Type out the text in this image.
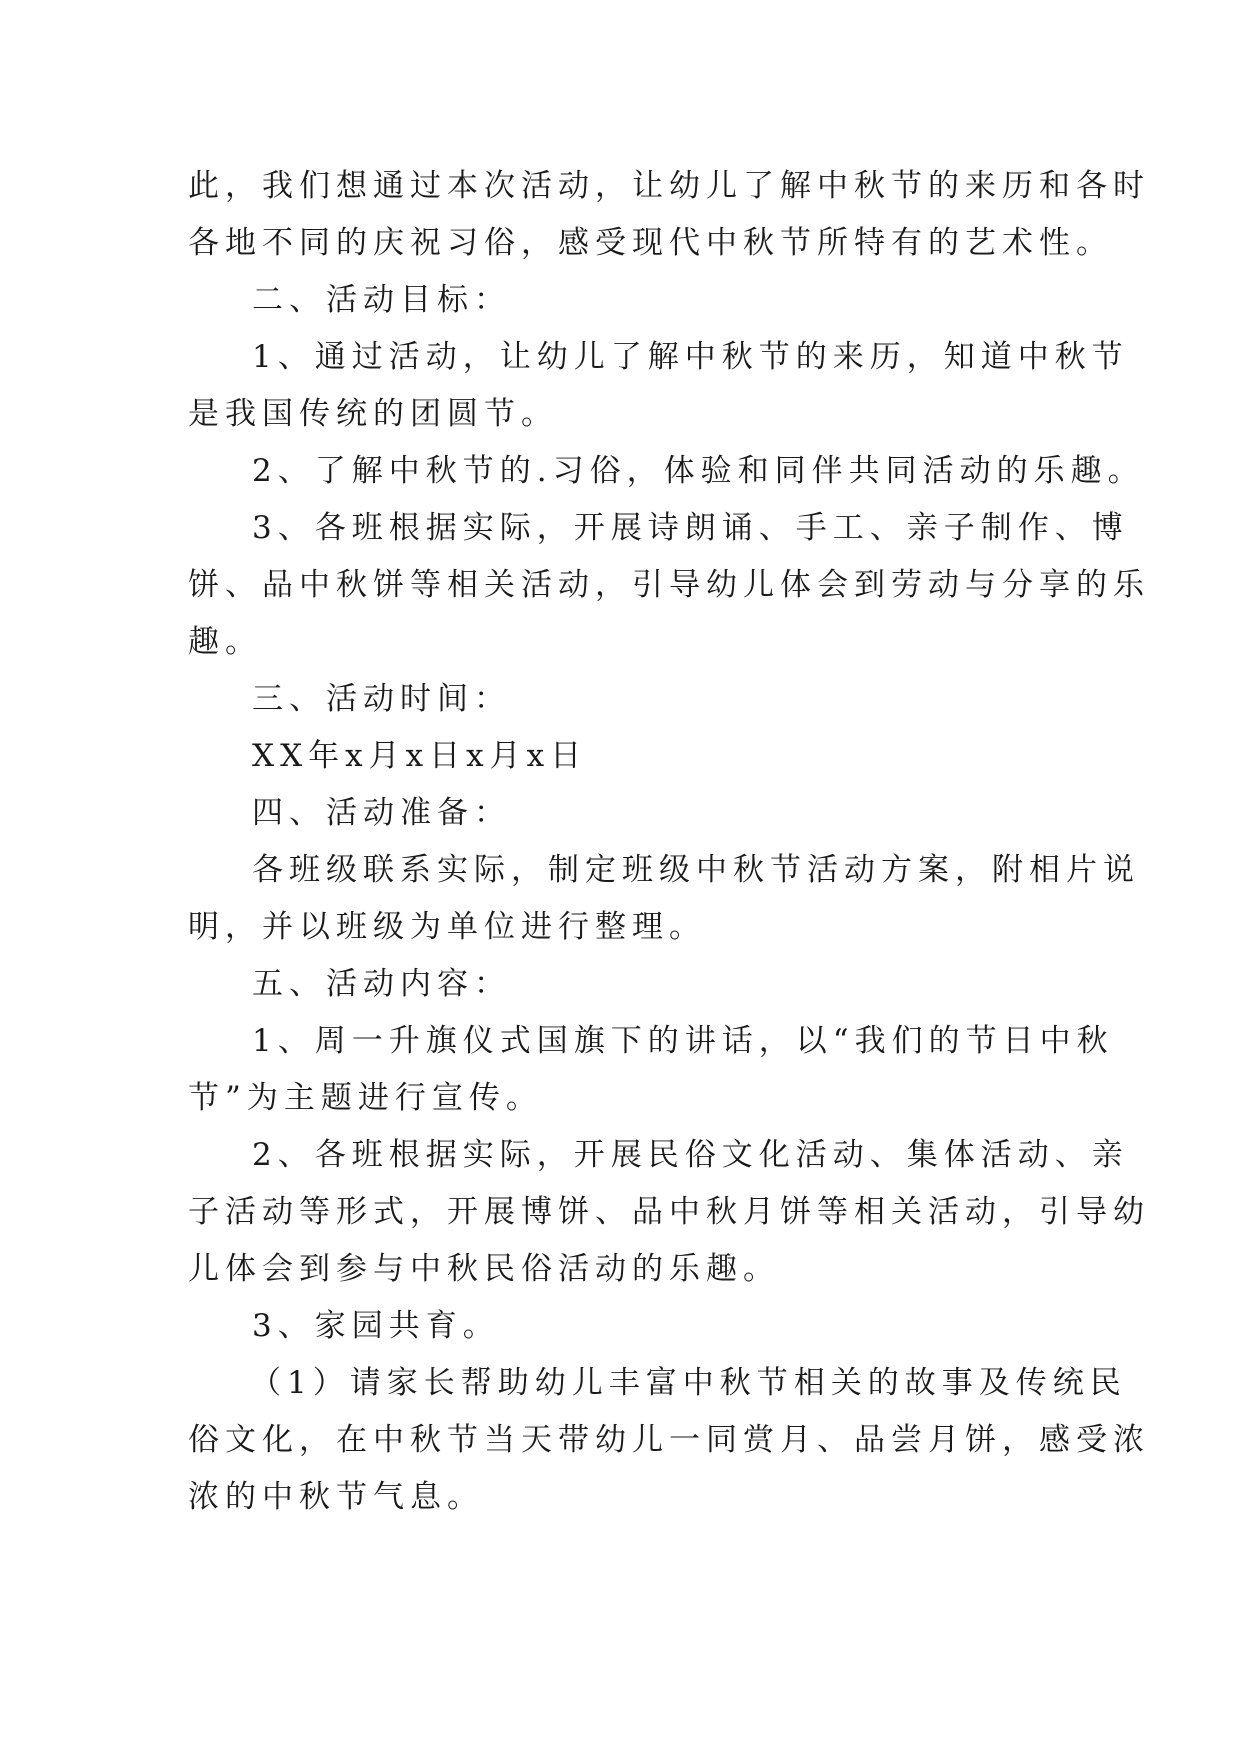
此，我们想通过本次活动，让幼儿了解中秋节的来历和各时
各地不同的庆祝习俗，感受现代中秋节所特有的艺术性。

二、活动目标：

1、通过活动，让幼儿了解中秋节的来历，知道中秋节
是我国传统的团圆节。

2、了解中秋节的.习俗，体验和同伴共同活动的乐趣。

3、各班根据实际，开展诗朗诵、手工、亲子制作、博
饼、品中秋饼等相关活动，引导幼儿体会到劳动与分享的乐
趣。

三、活动时间：

XX年x月x日x月x日

四、活动准备：

各班级联系实际，制定班级中秋节活动方案，附相片说
明，并以班级为单位进行整理。

五、活动内容：

1、周一升旗仪式国旗下的讲话，以“我们的节日中秋
节”为主题进行宣传。

2、各班根据实际，开展民俗文化活动、集体活动、亲
子活动等形式，开展博饼、品中秋月饼等相关活动，引导幼
儿体会到参与中秋民俗活动的乐趣。

3、家园共育。

（1）请家长帮助幼儿丰富中秋节相关的故事及传统民
俗文化，在中秋节当天带幼儿一同赏月、品尝月饼，感受浓
浓的中秋节气息。
